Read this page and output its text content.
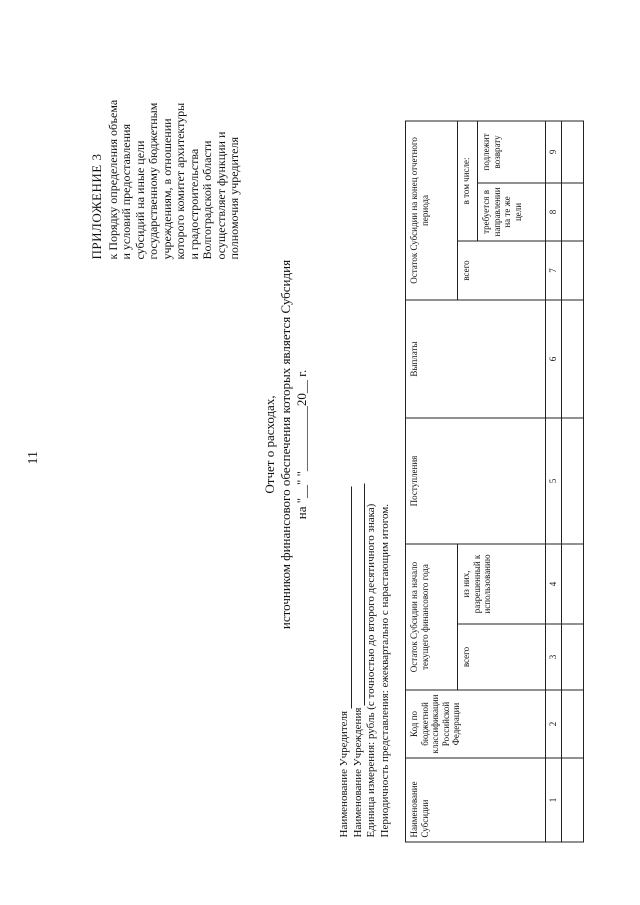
11
ПРИЛОЖЕНИЕ 3 к Порядку определения объема
и условий предоставления
субсидий на иные цели
государственному бюджетным
учреждениям, в отношении
которого комитет архитектуры
и градостроительства
Волгоградской области
осуществляет функции и
полномочия учредителя
Отчет о расходах, источником финансового обеспечения которых является Субсидия на "__" "__________20__ г.
Наименование Учредителя Наименование Учреждения Единица измерения: рубль (с точностью до второго десятичного знака) Периодичность представления: ежеквартально с нарастающим итогом. Наименование Субсидии	Код по бюджетной классификации Российской Федерации	Остаток Субсидии на начало текущего финансового года		Поступления	Выплаты	Остаток Субсидии на конец отчетного периода		
		всего	из них, разрешенный к использованию			всего	в том числе:	
							требуется в направлении на те же цели	подлежит возврату
1	2	3	4	5	6	7	8	9
